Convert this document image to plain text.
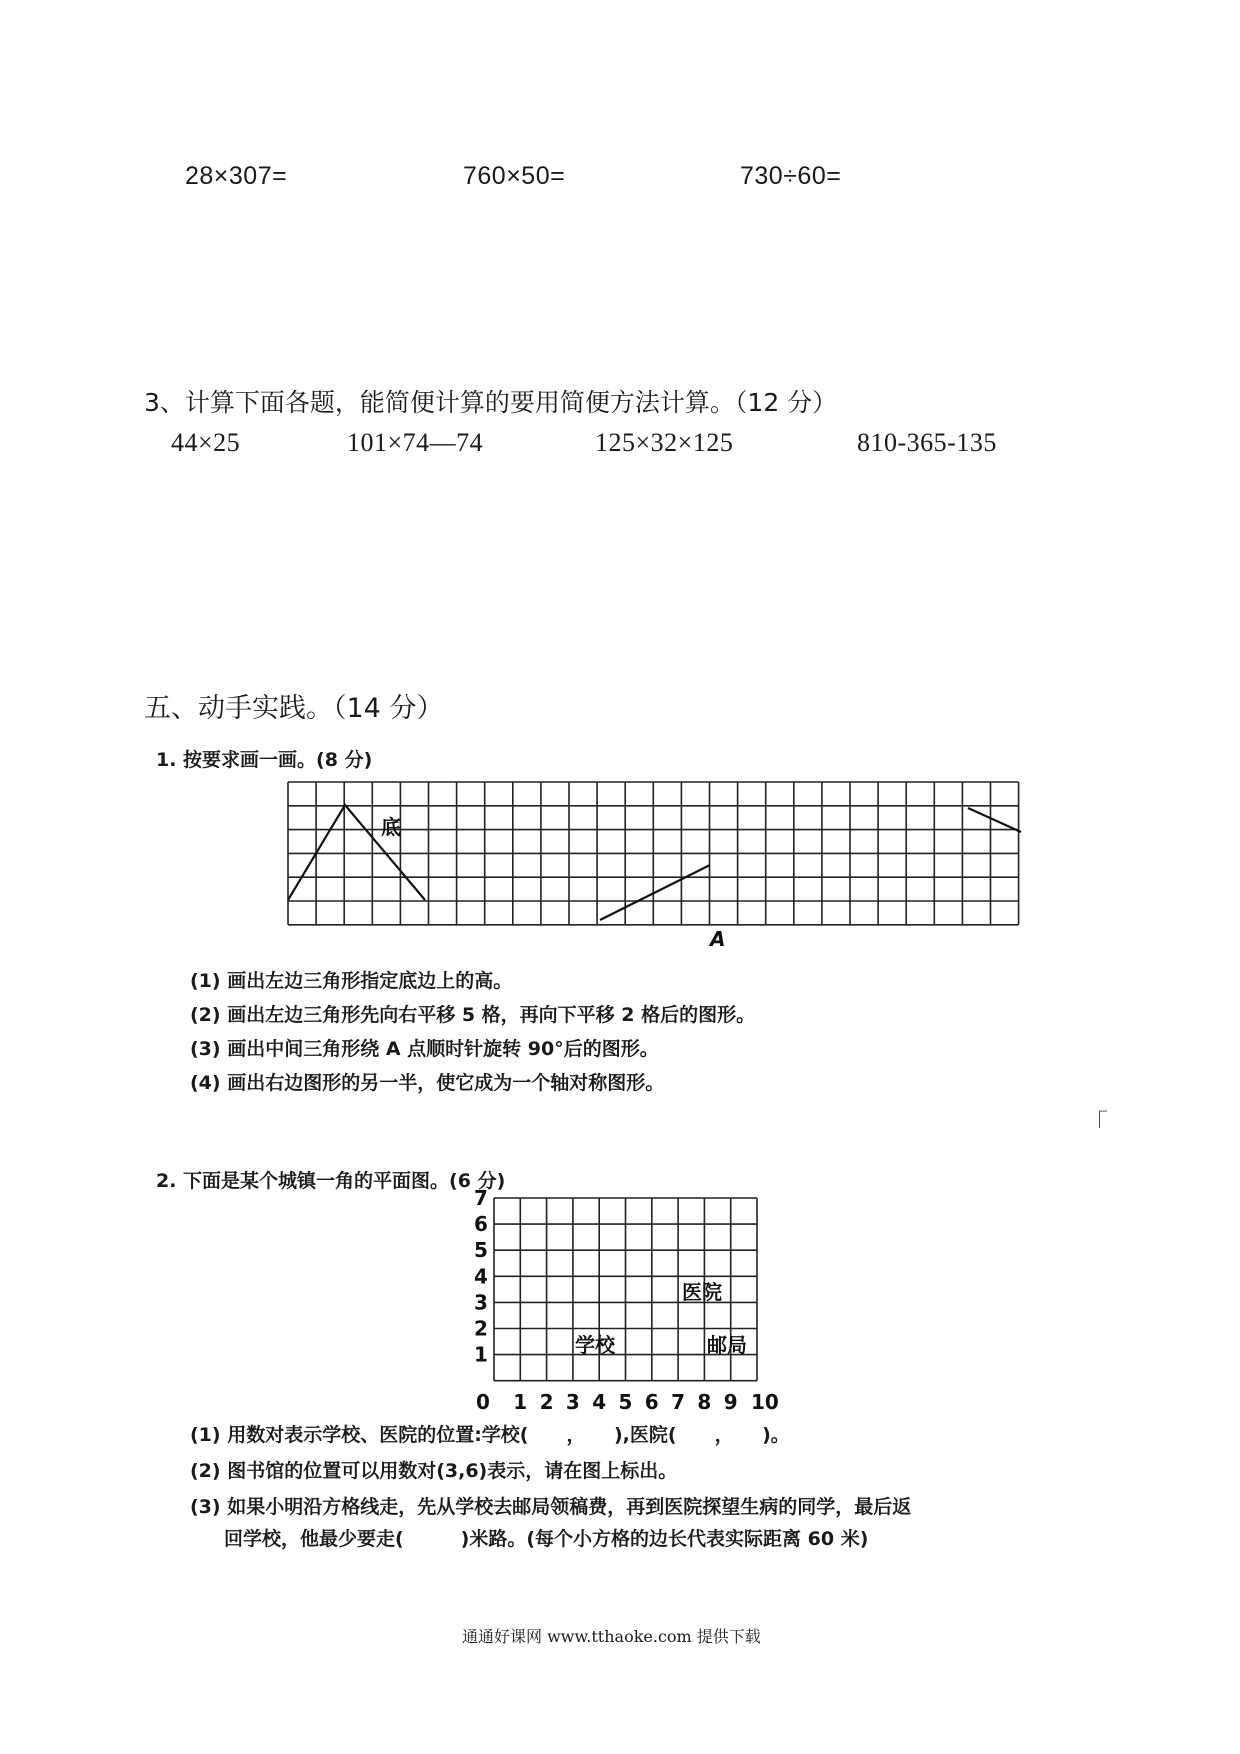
28×307=	760×50=	730÷60=
3、计算下面各题，能简便计算的要用简便方法计算。（12 分）
44×25	101×74—74	125×32×125	810-365-135
五、动手实践。（14 分）
1. 按要求画一画。(8 分)
底
A
(1) 画出左边三角形指定底边上的高。
(2) 画出左边三角形先向右平移 5 格，再向下平移 2 格后的图形。
(3) 画出中间三角形绕 A 点顺时针旋转 90°后的图形。
(4) 画出右边图形的另一半，使它成为一个轴对称图形。
「
2. 下面是某个城镇一角的平面图。(6 分)
7
6
5
4
3
2
1
1 2 3 4 5 6 7 8 9 10
0
医院
学校	邮局
(1) 用数对表示学校、医院的位置:学校(　　，　　),医院(　　，　　)。
(2) 图书馆的位置可以用数对(3,6)表示，请在图上标出。
(3) 如果小明沿方格线走，先从学校去邮局领稿费，再到医院探望生病的同学，最后返
回学校，他最少要走(　　　)米路。(每个小方格的边长代表实际距离 60 米)
通通好课网 www.tthaoke.com 提供下载
